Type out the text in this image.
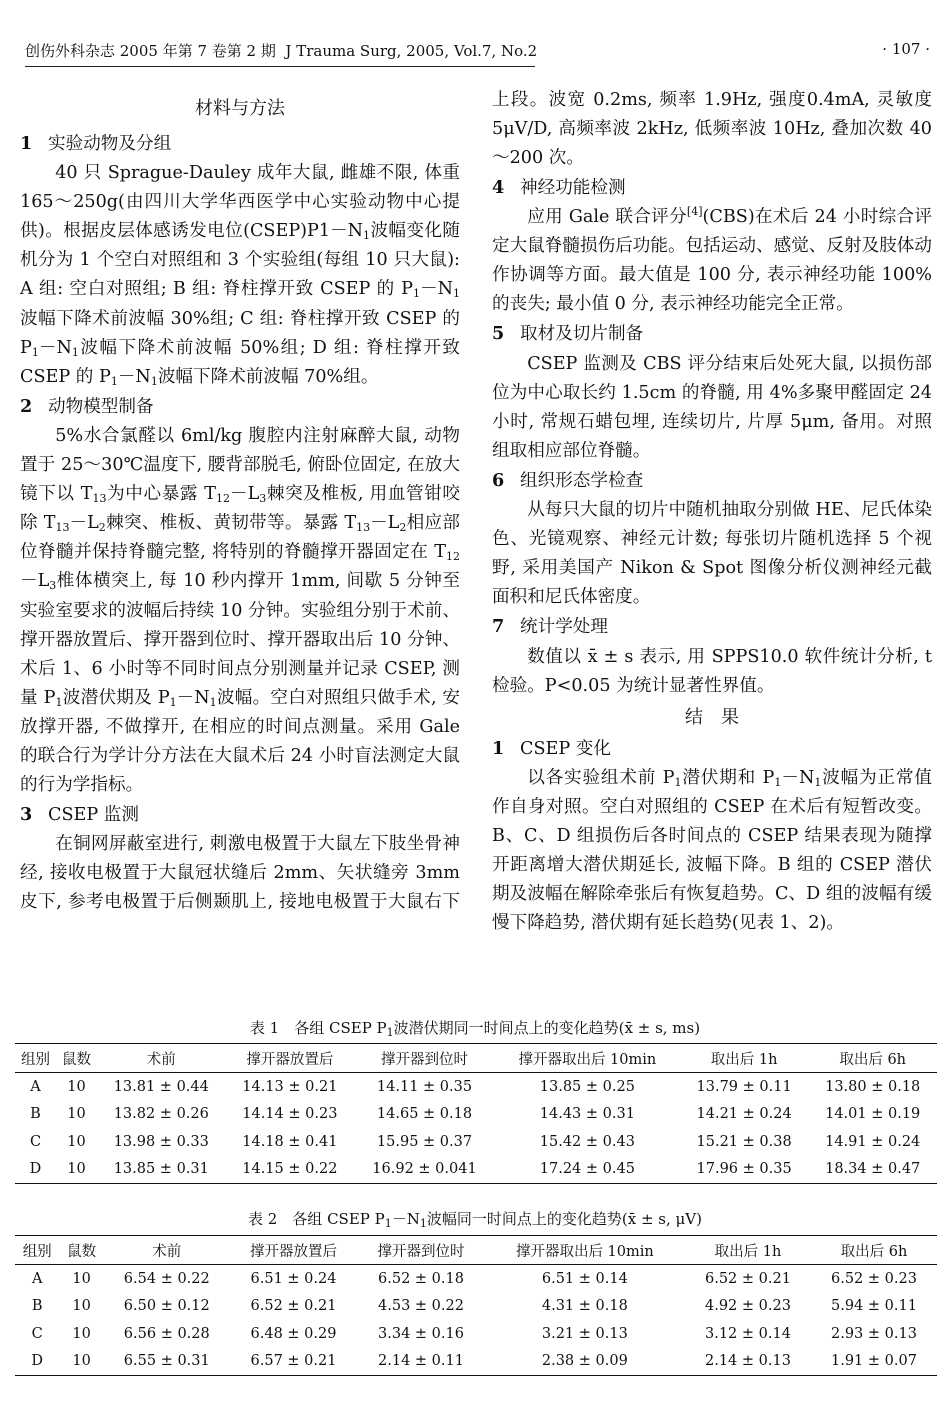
创伤外科杂志 2005 年第 7 卷第 2 期 J Trauma Surg, 2005, Vol.7, No.2	· 107 ·
材料与方法
1 实验动物及分组

40 只 Sprague-Dauley 成年大鼠, 雌雄不限, 体重 165～250g(由四川大学华西医学中心实验动物中心提供)。根据皮层体感诱发电位$(CSEP)P1-N_1$波幅变化随机分为 1 个空白对照组和 3 个实验组(每组 10 只大鼠): A 组: 空白对照组; B 组: 脊柱撑开致 CSEP 的 $P_1-N_1$波幅下降术前波幅 30%组; C 组: 脊柱撑开致 CSEP 的 $P_1-N_1$波幅下降术前波幅 50%组; D 组: 脊柱撑开致 CSEP 的 $P_1-N_1$波幅下降术前波幅 70%组。

2 动物模型制备

5%水合氯醛以 6ml/kg 腹腔内注射麻醉大鼠, 动物置于 25～30℃温度下, 腰背部脱毛, 俯卧位固定, 在放大镜下以 $T_{13}$为中心暴露 $T_{12}-L_3$棘突及椎板, 用血管钳咬除 $T_{13}-L_2$棘突、椎板、黄韧带等。暴露 $T_{13}-L_2$相应部位脊髓并保持脊髓完整, 将特别的脊髓撑开器固定在 $T_{12}-L_3$椎体横突上, 每 10 秒内撑开 1mm, 间歇 5 分钟至实验室要求的波幅后持续 10 分钟。实验组分别于术前、撑开器放置后、撑开器到位时、撑开器取出后 10 分钟、术后 1、6 小时等不同时间点分别测量并记录 CSEP, 测量 $P_1$波潜伏期及 $P_1-N_1$波幅。空白对照组只做手术, 安放撑开器, 不做撑开, 在相应的时间点测量。采用 Gale 的联合行为学计分方法在大鼠术后 24 小时盲法测定大鼠的行为学指标。

3 CSEP 监测

在铜网屏蔽室进行, 刺激电极置于大鼠左下肢坐骨神经, 接收电极置于大鼠冠状缝后 2mm、矢状缝旁 3mm 皮下, 参考电极置于后侧颞肌上, 接地电极置于大鼠右下

上段。波宽 0.2ms, 频率 1.9Hz, 强度0.4mA, 灵敏度 5μV/D, 高频率波 2kHz, 低频率波 10Hz, 叠加次数 40～200 次。

4 神经功能检测

应用 Gale 联合评分[4](CBS)在术后 24 小时综合评定大鼠脊髓损伤后功能。包括运动、感觉、反射及肢体动作协调等方面。最大值是 100 分, 表示神经功能 100%的丧失; 最小值 0 分, 表示神经功能完全正常。

5 取材及切片制备

CSEP 监测及 CBS 评分结束后处死大鼠, 以损伤部位为中心取长约 1.5cm 的脊髓, 用 4%多聚甲醛固定 24 小时, 常规石蜡包埋, 连续切片, 片厚 5μm, 备用。对照组取相应部位脊髓。

6 组织形态学检查

从每只大鼠的切片中随机抽取分别做 HE、尼氏体染色、光镜观察、神经元计数; 每张切片随机选择 5 个视野, 采用美国产 Nikon & Spot 图像分析仪测神经元截面积和尼氏体密度。

7 统计学处理

数值以 x̄ ± s 表示, 用 SPPS10.0 软件统计分析, t 检验。P<0.05 为统计显著性界值。

结　果
1 CSEP 变化

以各实验组术前 $P_1$潜伏期和 $P_1-N_1$波幅为正常值作自身对照。空白对照组的 CSEP 在术后有短暂改变。B、C、D 组损伤后各时间点的 CSEP 结果表现为随撑开距离增大潜伏期延长, 波幅下降。B 组的 CSEP 潜伏期及波幅在解除牵张后有恢复趋势。C、D 组的波幅有缓慢下降趋势, 潜伏期有延长趋势(见表 1、2)。

表 1　各组 CSEP $P_1$波潜伏期同一时间点上的变化趋势(x̄ ± s, ms)
组别	鼠数	术前	撑开器放置后	撑开器到位时	撑开器取出后 10min	取出后 1h	取出后 6h
A	10	13.81 ± 0.44	14.13 ± 0.21	14.11 ± 0.35	13.85 ± 0.25	13.79 ± 0.11	13.80 ± 0.18
B	10	13.82 ± 0.26	14.14 ± 0.23	14.65 ± 0.18	14.43 ± 0.31	14.21 ± 0.24	14.01 ± 0.19
C	10	13.98 ± 0.33	14.18 ± 0.41	15.95 ± 0.37	15.42 ± 0.43	15.21 ± 0.38	14.91 ± 0.24
D	10	13.85 ± 0.31	14.15 ± 0.22	16.92 ± 0.041	17.24 ± 0.45	17.96 ± 0.35	18.34 ± 0.47
表 2　各组 CSEP $P_1-N_1$波幅同一时间点上的变化趋势(x̄ ± s, μV)
组别	鼠数	术前	撑开器放置后	撑开器到位时	撑开器取出后 10min	取出后 1h	取出后 6h
A	10	6.54 ± 0.22	6.51 ± 0.24	6.52 ± 0.18	6.51 ± 0.14	6.52 ± 0.21	6.52 ± 0.23
B	10	6.50 ± 0.12	6.52 ± 0.21	4.53 ± 0.22	4.31 ± 0.18	4.92 ± 0.23	5.94 ± 0.11
C	10	6.56 ± 0.28	6.48 ± 0.29	3.34 ± 0.16	3.21 ± 0.13	3.12 ± 0.14	2.93 ± 0.13
D	10	6.55 ± 0.31	6.57 ± 0.21	2.14 ± 0.11	2.38 ± 0.09	2.14 ± 0.13	1.91 ± 0.07
